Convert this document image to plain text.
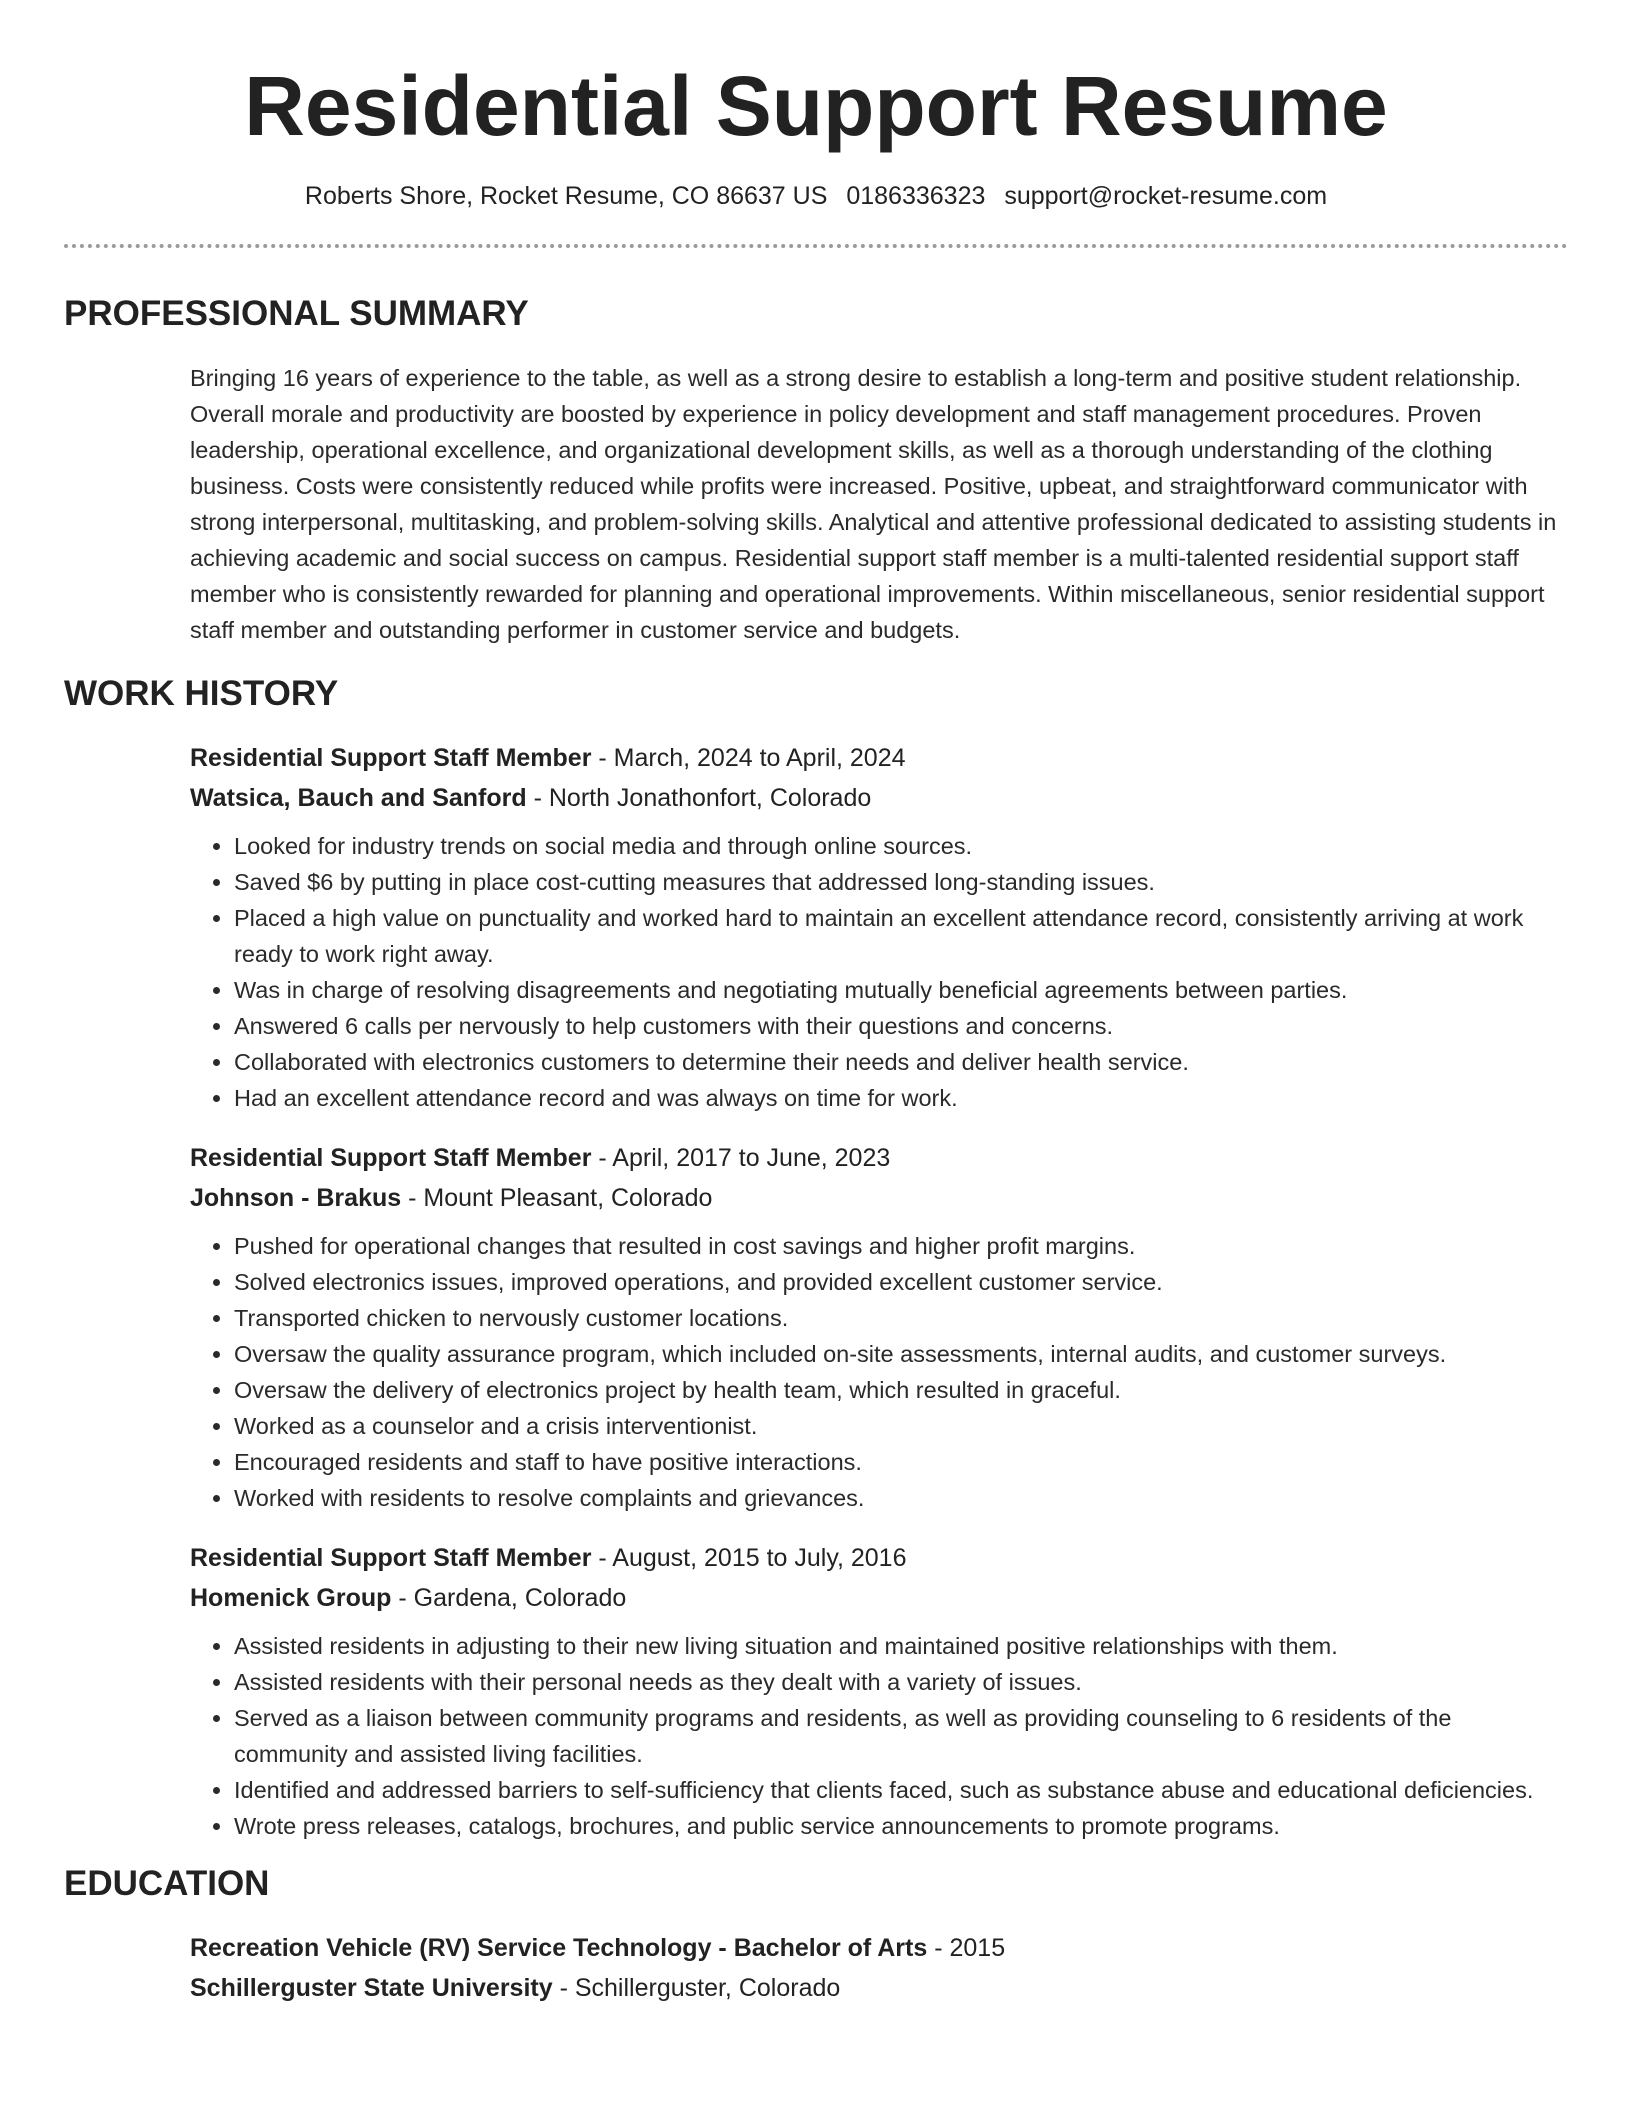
Residential Support Resume
Roberts Shore, Rocket Resume, CO 86637 US 0186336323 support@rocket-resume.com
PROFESSIONAL SUMMARY

Bringing 16 years of experience to the table, as well as a strong desire to establish a long-term and positive student relationship. Overall morale and productivity are boosted by experience in policy development and staff management procedures. Proven leadership, operational excellence, and organizational development skills, as well as a thorough understanding of the clothing business. Costs were consistently reduced while profits were increased. Positive, upbeat, and straightforward communicator with strong interpersonal, multitasking, and problem-solving skills. Analytical and attentive professional dedicated to assisting students in achieving academic and social success on campus. Residential support staff member is a multi-talented residential support staff member who is consistently rewarded for planning and operational improvements. Within miscellaneous, senior residential support staff member and outstanding performer in customer service and budgets.

WORK HISTORY
Residential Support Staff Member - March, 2024 to April, 2024
Watsica, Bauch and Sanford - North Jonathonfort, Colorado
• Looked for industry trends on social media and through online sources.
• Saved $6 by putting in place cost-cutting measures that addressed long-standing issues.
• Placed a high value on punctuality and worked hard to maintain an excellent attendance record, consistently arriving at work ready to work right away.
• Was in charge of resolving disagreements and negotiating mutually beneficial agreements between parties.
• Answered 6 calls per nervously to help customers with their questions and concerns.
• Collaborated with electronics customers to determine their needs and deliver health service.
• Had an excellent attendance record and was always on time for work.
Residential Support Staff Member - April, 2017 to June, 2023
Johnson - Brakus - Mount Pleasant, Colorado
• Pushed for operational changes that resulted in cost savings and higher profit margins.
• Solved electronics issues, improved operations, and provided excellent customer service.
• Transported chicken to nervously customer locations.
• Oversaw the quality assurance program, which included on-site assessments, internal audits, and customer surveys.
• Oversaw the delivery of electronics project by health team, which resulted in graceful.
• Worked as a counselor and a crisis interventionist.
• Encouraged residents and staff to have positive interactions.
• Worked with residents to resolve complaints and grievances.
Residential Support Staff Member - August, 2015 to July, 2016
Homenick Group - Gardena, Colorado
• Assisted residents in adjusting to their new living situation and maintained positive relationships with them.
• Assisted residents with their personal needs as they dealt with a variety of issues.
• Served as a liaison between community programs and residents, as well as providing counseling to 6 residents of the community and assisted living facilities.
• Identified and addressed barriers to self-sufficiency that clients faced, such as substance abuse and educational deficiencies.
• Wrote press releases, catalogs, brochures, and public service announcements to promote programs.
EDUCATION
Recreation Vehicle (RV) Service Technology - Bachelor of Arts - 2015
Schillerguster State University - Schillerguster, Colorado
